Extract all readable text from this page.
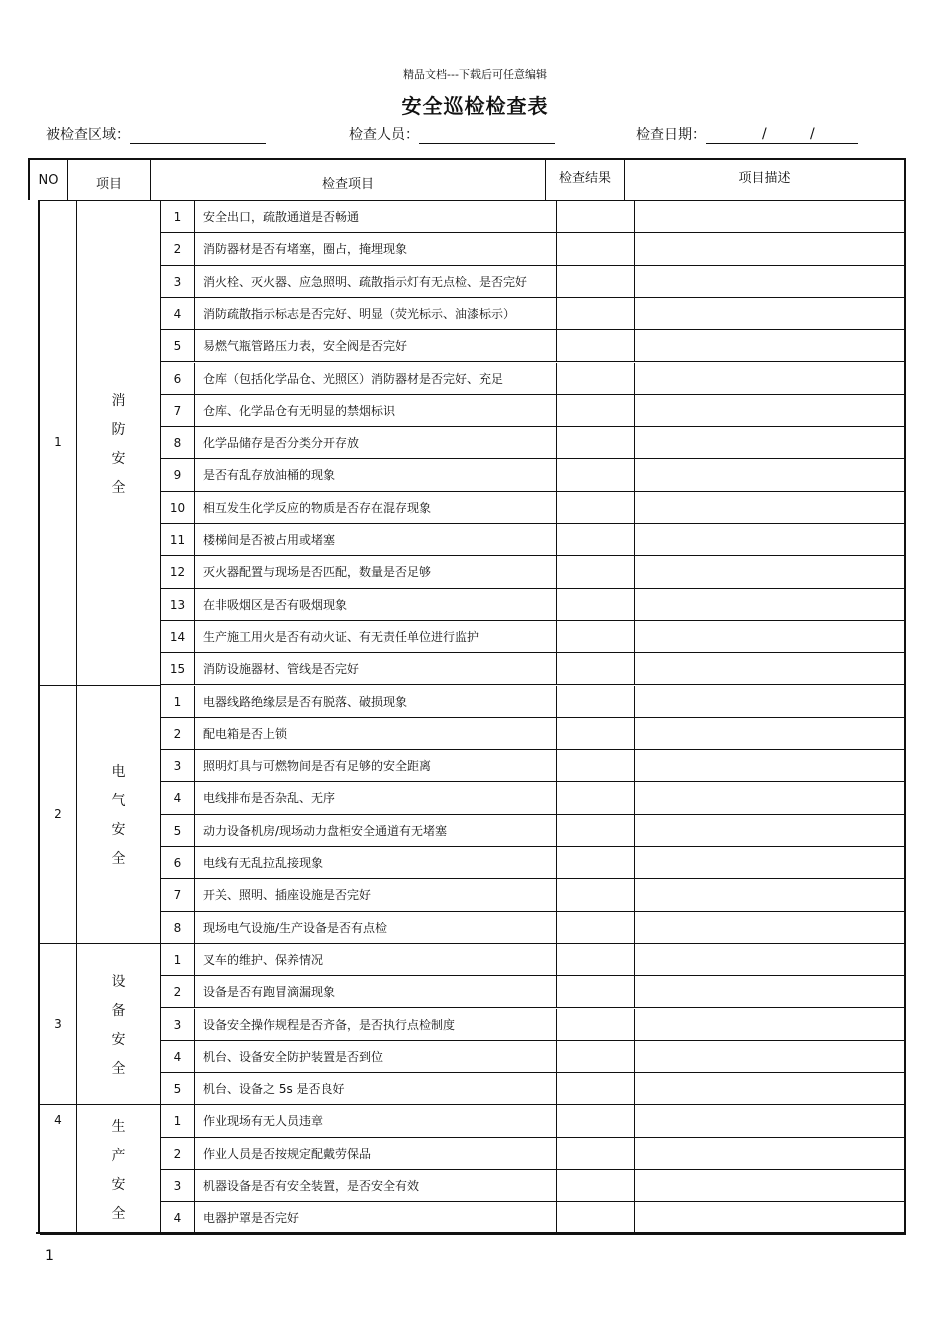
精品文档---下载后可任意编辑
安全巡检检查表
被检查区域：	检查人员：	检查日期：	/	/
NO	项目	检查项目	检查结果	项目描述
1
消
防
安
全
1	安全出口，疏散通道是否畅通
2	消防器材是否有堵塞，圈占，掩埋现象
3	消火栓、灭火器、应急照明、疏散指示灯有无点检、是否完好
4	消防疏散指示标志是否完好、明显（荧光标示、油漆标示）
5	易燃气瓶管路压力表，安全阀是否完好
6	仓库（包括化学品仓、光照区）消防器材是否完好、充足
7	仓库、化学品仓有无明显的禁烟标识
8	化学品储存是否分类分开存放
9	是否有乱存放油桶的现象
10	相互发生化学反应的物质是否存在混存现象
11	楼梯间是否被占用或堵塞
12	灭火器配置与现场是否匹配，数量是否足够
13	在非吸烟区是否有吸烟现象
14	生产施工用火是否有动火证、有无责任单位进行监护
15	消防设施器材、管线是否完好
2
电
气
安
全
1	电器线路绝缘层是否有脱落、破损现象
2	配电箱是否上锁
3	照明灯具与可燃物间是否有足够的安全距离
4	电线排布是否杂乱、无序
5	动力设备机房/现场动力盘柜安全通道有无堵塞
6	电线有无乱拉乱接现象
7	开关、照明、插座设施是否完好
8	现场电气设施/生产设备是否有点检
3
设
备
安
全
1	叉车的维护、保养情况
2	设备是否有跑冒滴漏现象
3	设备安全操作规程是否齐备，是否执行点检制度
4	机台、设备安全防护装置是否到位
5	机台、设备之 5s 是否良好
4	生
产
安
全
1	作业现场有无人员违章
2	作业人员是否按规定配戴劳保品
3	机器设备是否有安全装置，是否安全有效
4	电器护罩是否完好
1
